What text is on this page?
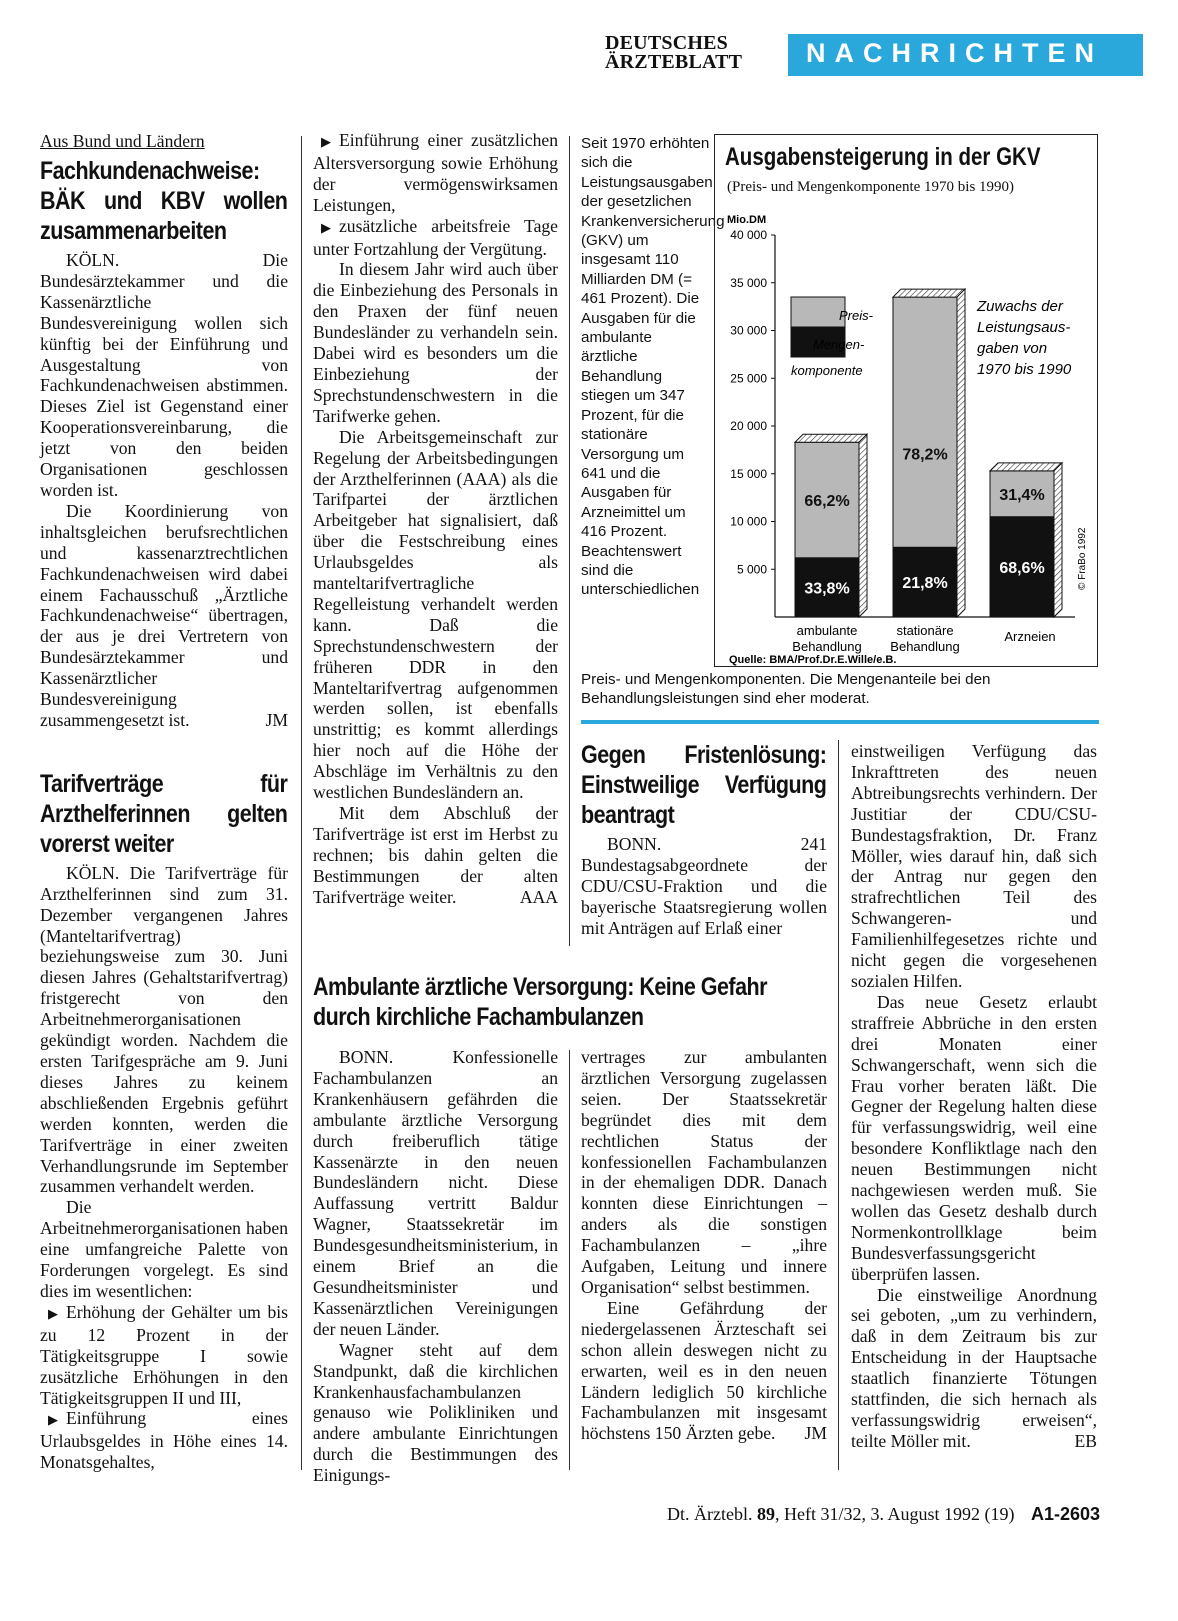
DEUTSCHES
ÄRZTEBLATT	NACHRICHTEN
Aus Bund und Ländern
Fachkundenachweise: BÄK und KBV wollen zusammenarbeiten

KÖLN. Die Bundesärztekammer und die Kassenärztliche Bundesvereinigung wollen sich künftig bei der Einführung und Ausgestaltung von Fachkundenachweisen abstimmen. Dieses Ziel ist Gegenstand einer Kooperationsvereinbarung, die jetzt von den beiden Organisationen geschlossen worden ist.

Die Koordinierung von inhaltsgleichen berufsrechtlichen und kassenarztrechtlichen Fachkundenachweisen wird dabei einem Fachausschuß „Ärztliche Fachkundenachweise“ übertragen, der aus je drei Vertretern von Bundesärztekammer und Kassenärztlicher Bundesvereinigung zusammengesetzt ist.	JM

Tarifverträge für Arzthelferinnen gelten vorerst weiter

KÖLN. Die Tarifverträge für Arzthelferinnen sind zum 31. Dezember vergangenen Jahres (Manteltarifvertrag) beziehungsweise zum 30. Juni diesen Jahres (Gehaltstarifvertrag) fristgerecht von den Arbeitnehmerorganisationen gekündigt worden. Nachdem die ersten Tarifgespräche am 9. Juni dieses Jahres zu keinem abschließenden Ergebnis geführt werden konnten, werden die Tarifverträge in einer zweiten Verhandlungsrunde im September zusammen verhandelt werden.

Die Arbeitnehmerorganisationen haben eine umfangreiche Palette von Forderungen vorgelegt. Es sind dies im wesentlichen:

▶ Erhöhung der Gehälter um bis zu 12 Prozent in der Tätigkeitsgruppe I sowie zusätzliche Erhöhungen in den Tätigkeitsgruppen II und III,

▶ Einführung eines Urlaubsgeldes in Höhe eines 14. Monatsgehaltes,

▶ Einführung einer zusätzlichen Altersversorgung sowie Erhöhung der vermögenswirksamen Leistungen,

▶ zusätzliche arbeitsfreie Tage unter Fortzahlung der Vergütung.

In diesem Jahr wird auch über die Einbeziehung des Personals in den Praxen der fünf neuen Bundesländer zu verhandeln sein. Dabei wird es besonders um die Einbeziehung der Sprechstundenschwestern in die Tarifwerke gehen.

Die Arbeitsgemeinschaft zur Regelung der Arbeitsbedingungen der Arzthelferinnen (AAA) als die Tarifpartei der ärztlichen Arbeitgeber hat signalisiert, daß über die Festschreibung eines Urlaubsgeldes als manteltarifvertragliche Regelleistung verhandelt werden kann. Daß die Sprechstundenschwestern der früheren DDR in den Manteltarifvertrag aufgenommen werden sollen, ist ebenfalls unstrittig; es kommt allerdings hier noch auf die Höhe der Abschläge im Verhältnis zu den westlichen Bundesländern an.

Mit dem Abschluß der Tarifverträge ist erst im Herbst zu rechnen; bis dahin gelten die Bestimmungen der alten Tarifverträge weiter.	AAA

Seit 1970 erhöhten sich die Leistungsausgaben der gesetzlichen Krankenversicherung (GKV) um insgesamt 110 Milliarden DM (= 461 Prozent). Die Ausgaben für die ambulante ärztliche Behandlung stiegen um 347 Prozent, für die stationäre Versorgung um 641 und die Ausgaben für Arzneimittel um 416 Prozent. Beachtenswert sind die unterschiedlichen
Preis- und Mengenkomponenten. Die Mengenanteile bei den Behandlungsleistungen sind eher moderat.
Ausgabensteigerung in der GKV
(Preis- und Mengenkomponente 1970 bis 1990)
Mio.DM
5 000
10 000
15 000
20 000
25 000
30 000
35 000
40 000
33,8%
66,2%
ambulante
Behandlung
21,8%
78,2%
stationäre
Behandlung
68,6%
31,4%
Arzneien
Preis-
Mengen-
komponente
Zuwachs der
Leistungsaus-
gaben von
1970 bis 1990
© FraBo 1992
Quelle: BMA/Prof.Dr.E.Wille/e.B.
Gegen Fristenlösung: Einstweilige Verfügung beantragt

BONN. 241 Bundestagsabgeordnete der CDU/CSU-Fraktion und die bayerische Staatsregierung wollen mit Anträgen auf Erlaß einer

einstweiligen Verfügung das Inkrafttreten des neuen Abtreibungsrechts verhindern. Der Justitiar der CDU/CSU-Bundestagsfraktion, Dr. Franz Möller, wies darauf hin, daß sich der Antrag nur gegen den strafrechtlichen Teil des Schwangeren- und Familienhilfegesetzes richte und nicht gegen die vorgesehenen sozialen Hilfen.

Das neue Gesetz erlaubt straffreie Abbrüche in den ersten drei Monaten einer Schwangerschaft, wenn sich die Frau vorher beraten läßt. Die Gegner der Regelung halten diese für verfassungswidrig, weil eine besondere Konfliktlage nach den neuen Bestimmungen nicht nachgewiesen werden muß. Sie wollen das Gesetz deshalb durch Normenkontrollklage beim Bundesverfassungsgericht überprüfen lassen.

Die einstweilige Anordnung sei geboten, „um zu verhindern, daß in dem Zeitraum bis zur Entscheidung in der Hauptsache staatlich finanzierte Tötungen stattfinden, die sich hernach als verfassungswidrig erweisen“, teilte Möller mit.	EB

Ambulante ärztliche Versorgung: Keine Gefahr durch kirchliche Fachambulanzen

BONN. Konfessionelle Fachambulanzen an Krankenhäusern gefährden die ambulante ärztliche Versorgung durch freiberuflich tätige Kassenärzte in den neuen Bundesländern nicht. Diese Auffassung vertritt Baldur Wagner, Staatssekretär im Bundesgesundheitsministerium, in einem Brief an die Gesundheitsminister und Kassenärztlichen Vereinigungen der neuen Länder.

Wagner steht auf dem Standpunkt, daß die kirchlichen Krankenhausfachambulanzen genauso wie Polikliniken und andere ambulante Einrichtungen durch die Bestimmungen des Einigungs-

vertrages zur ambulanten ärztlichen Versorgung zugelassen seien. Der Staatssekretär begründet dies mit dem rechtlichen Status der konfessionellen Fachambulanzen in der ehemaligen DDR. Danach konnten diese Einrichtungen – anders als die sonstigen Fachambulanzen – „ihre Aufgaben, Leitung und innere Organisation“ selbst bestimmen.

Eine Gefährdung der niedergelassenen Ärzteschaft sei schon allein deswegen nicht zu erwarten, weil es in den neuen Ländern lediglich 50 kirchliche Fachambulanzen mit insgesamt höchstens 150 Ärzten gebe.	JM

Dt. Ärztebl. 89, Heft 31/32, 3. August 1992 (19) A1-2603
